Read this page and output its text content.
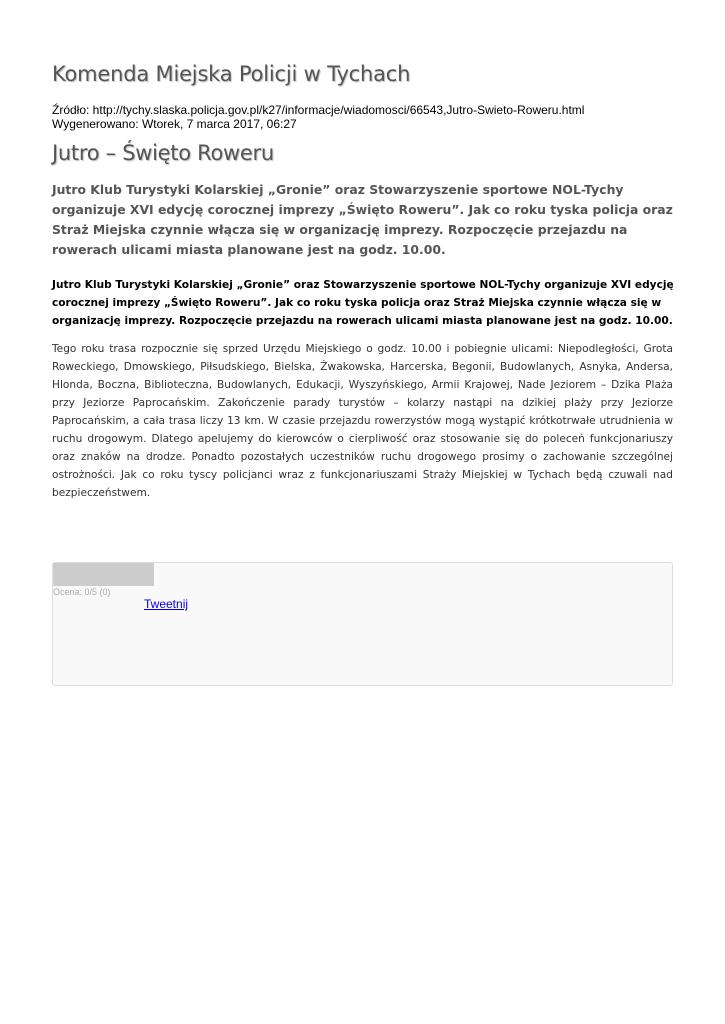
Komenda Miejska Policji w Tychach
Źródło: http://tychy.slaska.policja.gov.pl/k27/informacje/wiadomosci/66543,Jutro-Swieto-Roweru.html
Wygenerowano: Wtorek, 7 marca 2017, 06:27
Jutro – Święto Roweru

Jutro Klub Turystyki Kolarskiej „Gronie” oraz Stowarzyszenie sportowe NOL-Tychy organizuje XVI edycję corocznej imprezy „Święto Roweru”. Jak co roku tyska policja oraz Straż Miejska czynnie włącza się w organizację imprezy. Rozpoczęcie przejazdu na rowerach ulicami miasta planowane jest na godz. 10.00.

Jutro Klub Turystyki Kolarskiej „Gronie” oraz Stowarzyszenie sportowe NOL-Tychy organizuje XVI edycję corocznej imprezy „Święto Roweru”. Jak co roku tyska policja oraz Straż Miejska czynnie włącza się w organizację imprezy. Rozpoczęcie przejazdu na rowerach ulicami miasta planowane jest na godz. 10.00.

Tego roku trasa rozpocznie się sprzed Urzędu Miejskiego o godz. 10.00 i pobiegnie ulicami: Niepodległości, Grota Roweckiego, Dmowskiego, Piłsudskiego, Bielska, Żwakowska, Harcerska, Begonii, Budowlanych, Asnyka, Andersa, Hlonda, Boczna, Biblioteczna, Budowlanych, Edukacji, Wyszyńskiego, Armii Krajowej, Nade Jeziorem – Dzika Plaża przy Jeziorze Paprocańskim. Zakończenie parady turystów – kolarzy nastąpi na dzikiej plaży przy Jeziorze Paprocańskim, a cała trasa liczy 13 km. W czasie przejazdu rowerzystów mogą wystąpić krótkotrwałe utrudnienia w ruchu drogowym. Dlatego apelujemy do kierowców o cierpliwość oraz stosowanie się do poleceń funkcjonariuszy oraz znaków na drodze. Ponadto pozostałych uczestników ruchu drogowego prosimy o zachowanie szczególnej ostrożności. Jak co roku tyscy policjanci wraz z funkcjonariuszami Straży Miejskiej w Tychach będą czuwali nad bezpieczeństwem.

Ocena: 0/5 (0)
Tweetnij
